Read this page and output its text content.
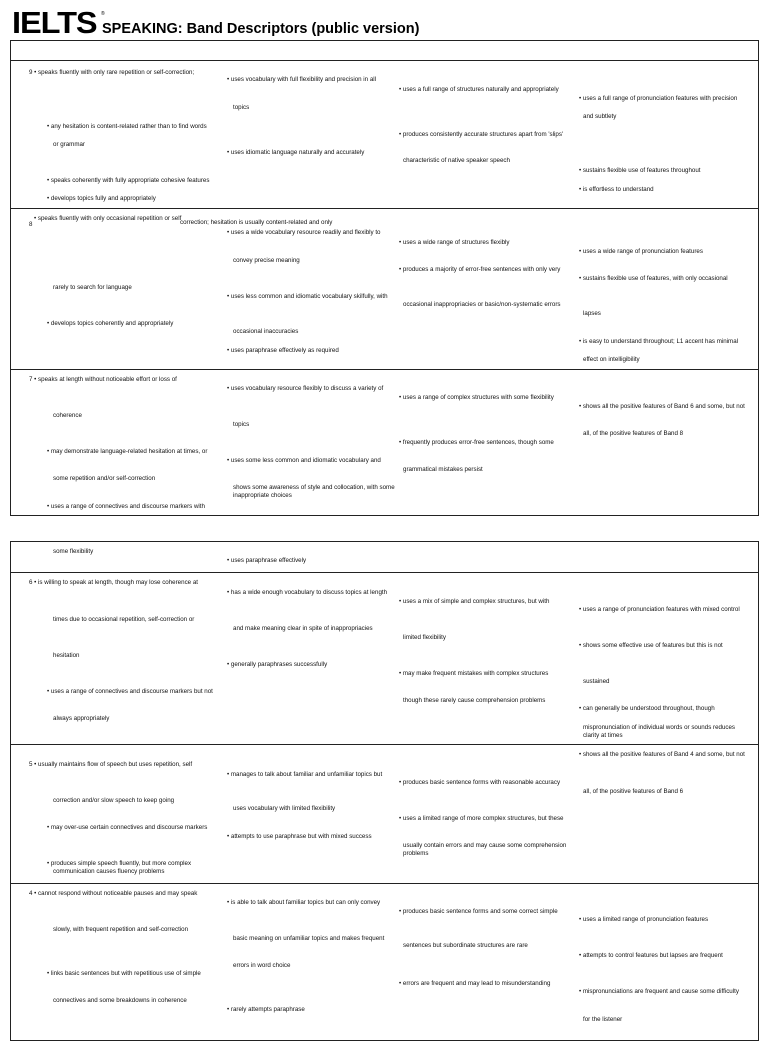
IELTS ®
SPEAKING: Band Descriptors (public version)
9 • speaks fluently with only rare repetition or self-correction;
• any hesitation is content-related rather than to find words
or grammar
• speaks coherently with fully appropriate cohesive features
• develops topics fully and appropriately
• uses vocabulary with full flexibility and precision in all
topics
• uses idiomatic language naturally and accurately
• uses a full range of structures naturally and appropriately
• produces consistently accurate structures apart from 'slips'
characteristic of native speaker speech
• uses a full range of pronunciation features with precision
and subtlety
• sustains flexible use of features throughout
• is effortless to understand
8
• speaks fluently with only occasional repetition or self
correction; hesitation is usually content-related and only
rarely to search for language
• develops topics coherently and appropriately
• uses a wide vocabulary resource readily and flexibly to
convey precise meaning
• uses less common and idiomatic vocabulary skilfully, with
occasional inaccuracies
• uses paraphrase effectively as required
• uses a wide range of structures flexibly
• produces a majority of error-free sentences with only very
occasional inappropriacies or basic/non-systematic errors
• uses a wide range of pronunciation features
• sustains flexible use of features, with only occasional
lapses
• is easy to understand throughout; L1 accent has minimal
effect on intelligibility
7 • speaks at length without noticeable effort or loss of
coherence
• may demonstrate language-related hesitation at times, or
some repetition and/or self-correction
• uses a range of connectives and discourse markers with
• uses vocabulary resource flexibly to discuss a variety of
topics
• uses some less common and idiomatic vocabulary and
shows some awareness of style and collocation, with some
inappropriate choices
• uses a range of complex structures with some flexibility
• frequently produces error-free sentences, though some
grammatical mistakes persist
• shows all the positive features of Band 6 and some, but not
all, of the positive features of Band 8
some flexibility
• uses paraphrase effectively
6 • is willing to speak at length, though may lose coherence at
times due to occasional repetition, self-correction or
hesitation
• uses a range of connectives and discourse markers but not
always appropriately
• has a wide enough vocabulary to discuss topics at length
and make meaning clear in spite of inappropriacies
• generally paraphrases successfully
• uses a mix of simple and complex structures, but with
limited flexibility
• may make frequent mistakes with complex structures
though these rarely cause comprehension problems
• uses a range of pronunciation features with mixed control
• shows some effective use of features but this is not
sustained
• can generally be understood throughout, though
mispronunciation of individual words or sounds reduces
clarity at times
5 • usually maintains flow of speech but uses repetition, self
correction and/or slow speech to keep going
• may over-use certain connectives and discourse markers
• produces simple speech fluently, but more complex
communication causes fluency problems
• manages to talk about familiar and unfamiliar topics but
uses vocabulary with limited flexibility
• attempts to use paraphrase but with mixed success
• produces basic sentence forms with reasonable accuracy
• uses a limited range of more complex structures, but these
usually contain errors and may cause some comprehension
problems
• shows all the positive features of Band 4 and some, but not
all, of the positive features of Band 6
4 • cannot respond without noticeable pauses and may speak
slowly, with frequent repetition and self-correction
• links basic sentences but with repetitious use of simple
connectives and some breakdowns in coherence
• is able to talk about familiar topics but can only convey
basic meaning on unfamiliar topics and makes frequent
errors in word choice
• rarely attempts paraphrase
• produces basic sentence forms and some correct simple
sentences but subordinate structures are rare
• errors are frequent and may lead to misunderstanding
• uses a limited range of pronunciation features
• attempts to control features but lapses are frequent
• mispronunciations are frequent and cause some difficulty
for the listener
